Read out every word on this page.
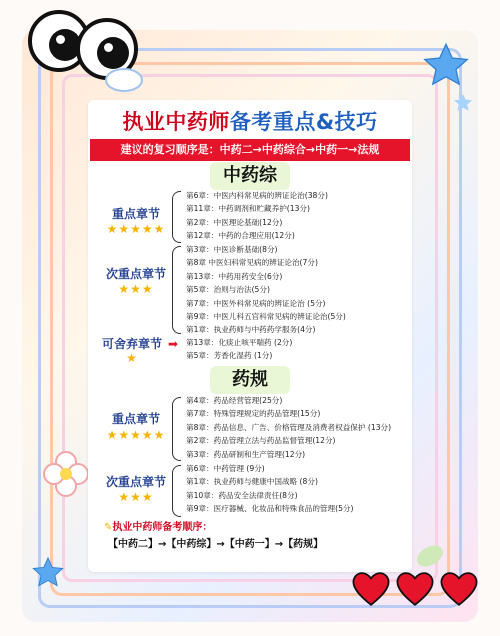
执业中药师备考重点&技巧
建议的复习顺序是：中药二→中药综合→中药一→法规
中药综
重点章节
★★★★★
第6章：中医内科常见病的辨证论治(38分)
第11章：中药调剂和贮藏养护(13分)
第2章：中医理论基础(12分)
第12章：中药的合理应用(12分)
次重点章节
★★★
第3章：中医诊断基础(8分)
第8章 中医妇科常见病的辨证论治(7分)
第13章：中药用药安全(6分)
第5章：治则与治法(5分)
第7章：中医外科常见病的辨证论治 (5分)
第9章：中医儿科五官科常见病的辨证论治(5分)
第1章：执业药师与中药药学服务(4分)
可舍弃章节
★
➡ 第13章：化痰止咳平喘药 (2分)
第5章：芳香化湿药 (1分)
药规
重点章节
★★★★★
第4章：药品经营管理(25分)
第7章：特殊管理规定的药品管理(15分)
第8章：药品信息、广告、价格管理及消费者权益保护 (13分)
第2章：药品管理立法与药品监督管理(12分)
第3章：药品研制和生产管理(12分)
次重点章节
★★★
第6章：中药管理 (9分)
第1章：执业药师与健康中国战略 (8分)
第10章：药品安全法律责任(8分)
第9章：医疗器械、化妆品和特殊食品的管理(5分)
✎执业中药师备考顺序：
【中药二】→【中药综】→【中药一】→【药规】
